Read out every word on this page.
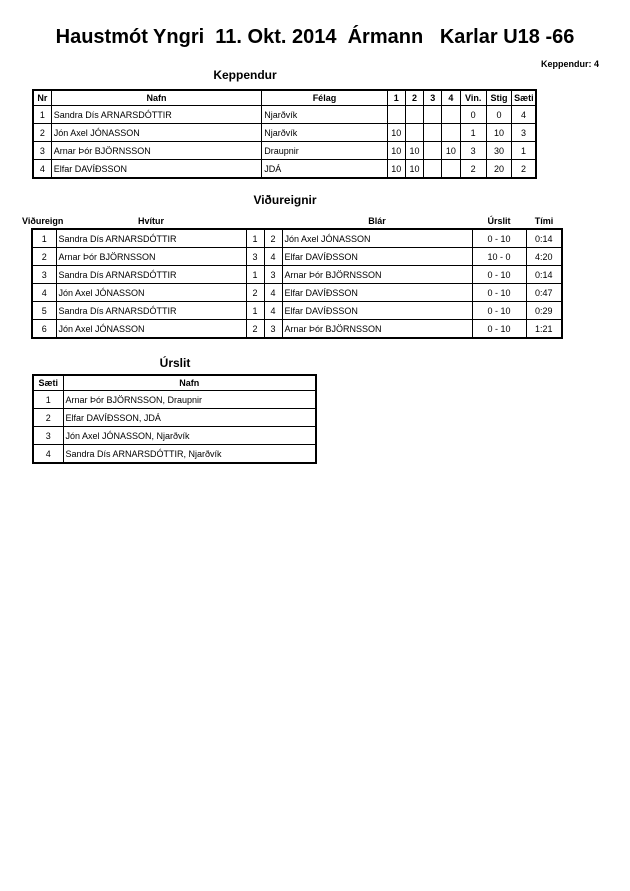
Haustmót Yngri  11. Okt. 2014  Ármann   Karlar U18 -66
Keppendur: 4
Keppendur
Nr	Nafn	Félag	1	2	3	4	Vin.	Stig	Sæti
1	Sandra Dís ARNARSDÓTTIR	Njarðvík					0	0	4
2	Jón Axel JÓNASSON	Njarðvík	10				1	10	3
3	Arnar Þór BJÖRNSSON	Draupnir	10	10		10	3	30	1
4	Elfar DAVÍÐSSON	JDÁ	10	10			2	20	2
Viðureignir
Viðureign	Hvítur			Blár	Úrslit	Tími
1	Sandra Dís ARNARSDÓTTIR	1	2	Jón Axel JÓNASSON	0 - 10	0:14
2	Arnar Þór BJÖRNSSON	3	4	Elfar DAVÍÐSSON	10 - 0	4:20
3	Sandra Dís ARNARSDÓTTIR	1	3	Arnar Þór BJÖRNSSON	0 - 10	0:14
4	Jón Axel JÓNASSON	2	4	Elfar DAVÍÐSSON	0 - 10	0:47
5	Sandra Dís ARNARSDÓTTIR	1	4	Elfar DAVÍÐSSON	0 - 10	0:29
6	Jón Axel JÓNASSON	2	3	Arnar Þór BJÖRNSSON	0 - 10	1:21
Úrslit
Sæti	Nafn
1	Arnar Þór BJÖRNSSON, Draupnir
2	Elfar DAVÍÐSSON, JDÁ
3	Jón Axel JÓNASSON, Njarðvík
4	Sandra Dís ARNARSDÓTTIR, Njarðvík
